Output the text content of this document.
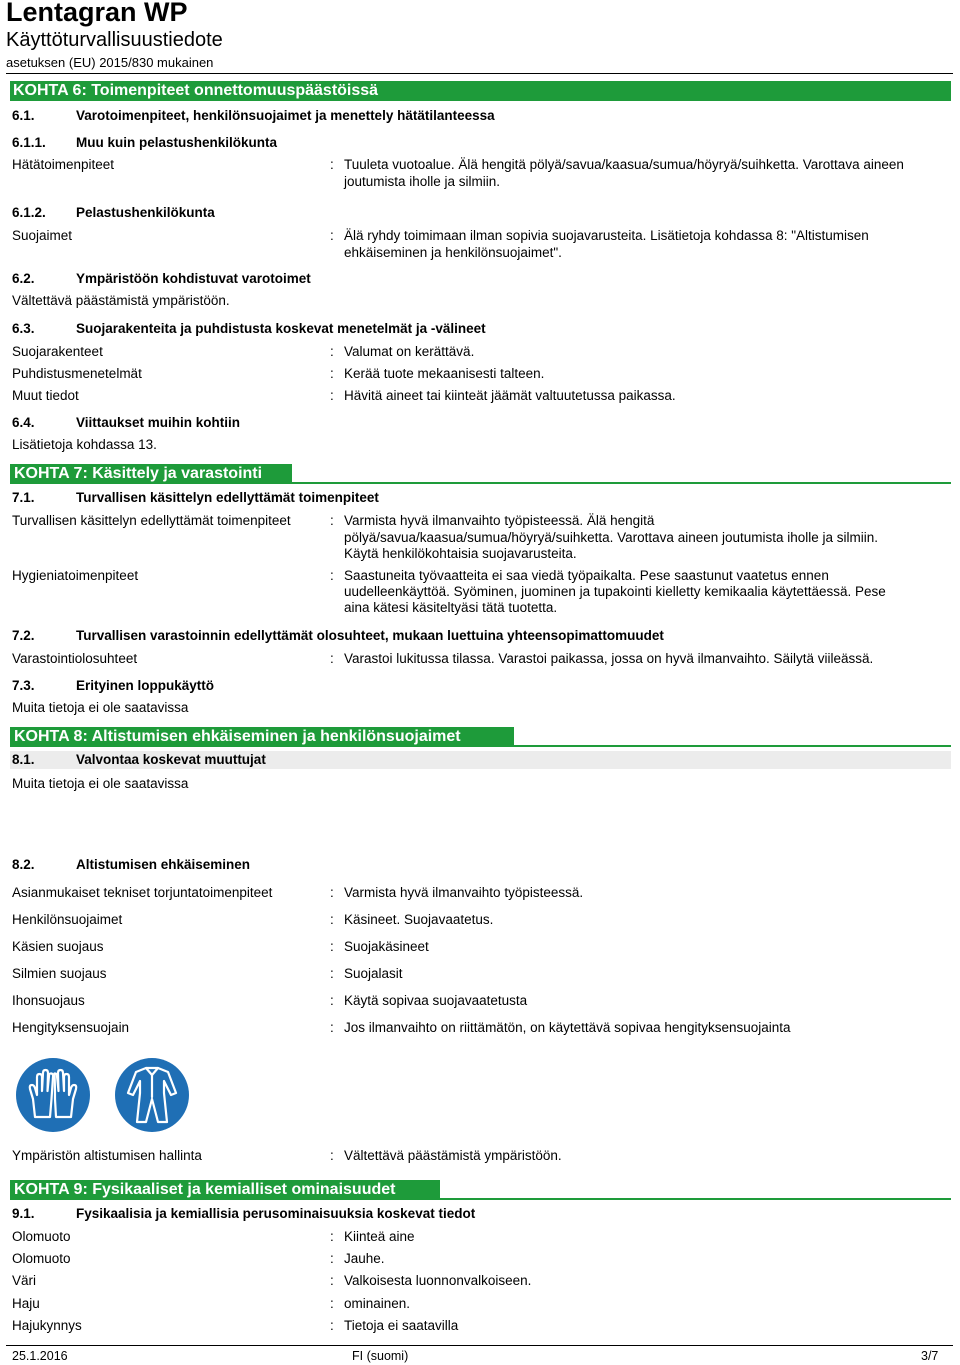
Lentagran WP
Käyttöturvallisuustiedote
asetuksen (EU) 2015/830 mukainen
KOHTA 6: Toimenpiteet onnettomuuspäästöissä
6.1.	Varotoimenpiteet, henkilönsuojaimet ja menettely hätätilanteessa
6.1.1. Muu kuin pelastushenkilökunta
Hätätoimenpiteet	: Tuuleta vuotoalue. Älä hengitä pölyä/savua/kaasua/sumua/höyryä/suihketta. Varottava aineen
joutumista iholle ja silmiin.
6.1.2. Pelastushenkilökunta
Suojaimet	: Älä ryhdy toimimaan ilman sopivia suojavarusteita. Lisätietoja kohdassa 8: "Altistumisen
ehkäiseminen ja henkilönsuojaimet".
6.2.	Ympäristöön kohdistuvat varotoimet
Vältettävä päästämistä ympäristöön.
6.3.	Suojarakenteita ja puhdistusta koskevat menetelmät ja -välineet
Suojarakenteet	: Valumat on kerättävä.
Puhdistusmenetelmät	: Kerää tuote mekaanisesti talteen.
Muut tiedot	: Hävitä aineet tai kiinteät jäämät valtuutetussa paikassa.
6.4.	Viittaukset muihin kohtiin
Lisätietoja kohdassa 13.
KOHTA 7: Käsittely ja varastointi
7.1.	Turvallisen käsittelyn edellyttämät toimenpiteet
Turvallisen käsittelyn edellyttämät toimenpiteet	: Varmista hyvä ilmanvaihto työpisteessä. Älä hengitä
pölyä/savua/kaasua/sumua/höyryä/suihketta. Varottava aineen joutumista iholle ja silmiin.
Käytä henkilökohtaisia suojavarusteita.
Hygieniatoimenpiteet	: Saastuneita työvaatteita ei saa viedä työpaikalta. Pese saastunut vaatetus ennen
uudelleenkäyttöä. Syöminen, juominen ja tupakointi kielletty kemikaalia käytettäessä. Pese
aina kätesi käsiteltyäsi tätä tuotetta.
7.2.	Turvallisen varastoinnin edellyttämät olosuhteet, mukaan luettuina yhteensopimattomuudet
Varastointiolosuhteet	: Varastoi lukitussa tilassa. Varastoi paikassa, jossa on hyvä ilmanvaihto. Säilytä viileässä.
7.3.	Erityinen loppukäyttö
Muita tietoja ei ole saatavissa
KOHTA 8: Altistumisen ehkäiseminen ja henkilönsuojaimet
8.1.	Valvontaa koskevat muuttujat
Muita tietoja ei ole saatavissa
8.2.	Altistumisen ehkäiseminen
Asianmukaiset tekniset torjuntatoimenpiteet	: Varmista hyvä ilmanvaihto työpisteessä.
Henkilönsuojaimet	: Käsineet. Suojavaatetus.
Käsien suojaus	: Suojakäsineet
Silmien suojaus	: Suojalasit
Ihonsuojaus	: Käytä sopivaa suojavaatetusta
Hengityksensuojain	: Jos ilmanvaihto on riittämätön, on käytettävä sopivaa hengityksensuojainta
Ympäristön altistumisen hallinta	: Vältettävä päästämistä ympäristöön.
KOHTA 9: Fysikaaliset ja kemialliset ominaisuudet
9.1.	Fysikaalisia ja kemiallisia perusominaisuuksia koskevat tiedot
Olomuoto	: Kiinteä aine
Olomuoto	: Jauhe.
Väri	: Valkoisesta luonnonvalkoiseen.
Haju	: ominainen.
Hajukynnys	: Tietoja ei saatavilla
25.1.2016	FI (suomi)	3/7
